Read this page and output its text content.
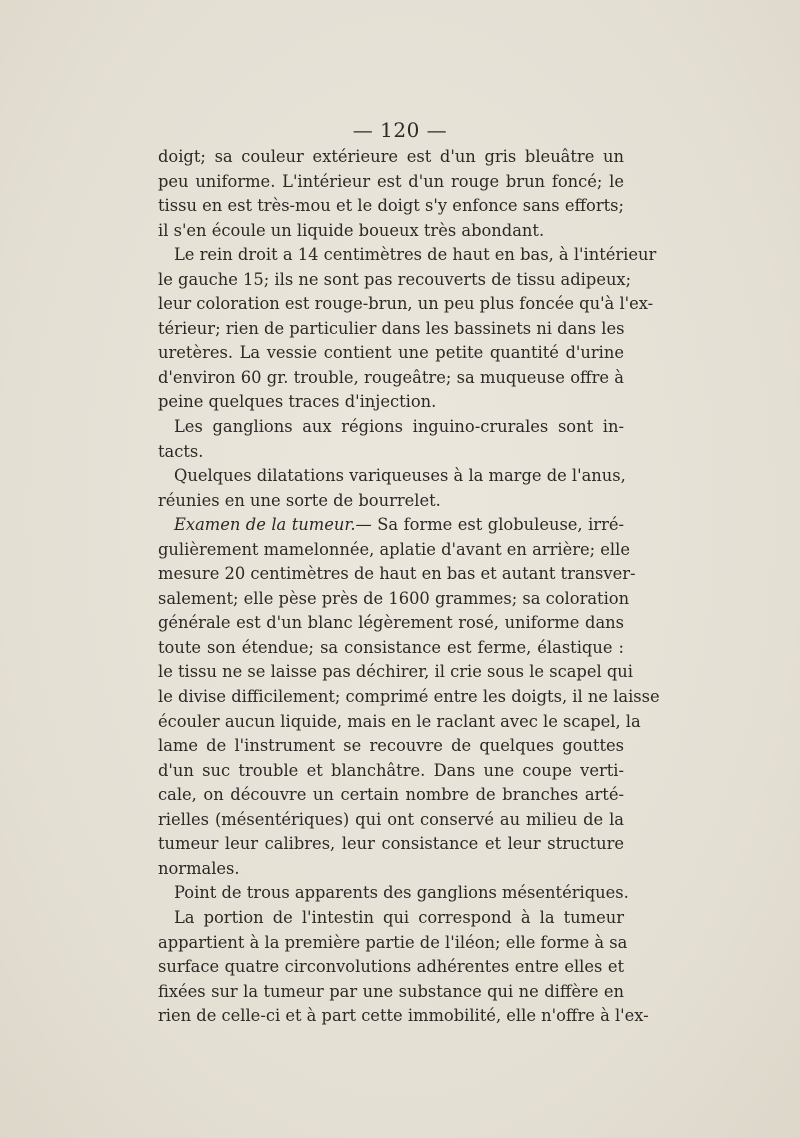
— 120 —
doigt; sa couleur extérieure est d'un gris bleuâtre un
peu uniforme. L'intérieur est d'un rouge brun foncé; le
tissu en est très-mou et le doigt s'y enfonce sans efforts;
il s'en écoule un liquide boueux très abondant.
Le rein droit a 14 centimètres de haut en bas, à l'intérieur
le gauche 15; ils ne sont pas recouverts de tissu adipeux;
leur coloration est rouge-brun, un peu plus foncée qu'à l'ex-
térieur; rien de particulier dans les bassinets ni dans les
uretères. La vessie contient une petite quantité d'urine
d'environ 60 gr. trouble, rougeâtre; sa muqueuse offre à
peine quelques traces d'injection.
Les ganglions aux régions inguino-crurales sont in-
tacts.
Quelques dilatations variqueuses à la marge de l'anus,
réunies en une sorte de bourrelet.
Examen de la tumeur.— Sa forme est globuleuse, irré-
gulièrement mamelonnée, aplatie d'avant en arrière; elle
mesure 20 centimètres de haut en bas et autant transver-
salement; elle pèse près de 1600 grammes; sa coloration
générale est d'un blanc légèrement rosé, uniforme dans
toute son étendue; sa consistance est ferme, élastique :
le tissu ne se laisse pas déchirer, il crie sous le scapel qui
le divise difficilement; comprimé entre les doigts, il ne laisse
écouler aucun liquide, mais en le raclant avec le scapel, la
lame de l'instrument se recouvre de quelques gouttes
d'un suc trouble et blanchâtre. Dans une coupe verti-
cale, on découvre un certain nombre de branches arté-
rielles (mésentériques) qui ont conservé au milieu de la
tumeur leur calibres, leur consistance et leur structure
normales.
Point de trous apparents des ganglions mésentériques.
La portion de l'intestin qui correspond à la tumeur
appartient à la première partie de l'iléon; elle forme à sa
surface quatre circonvolutions adhérentes entre elles et
fixées sur la tumeur par une substance qui ne diffère en
rien de celle-ci et à part cette immobilité, elle n'offre à l'ex-
